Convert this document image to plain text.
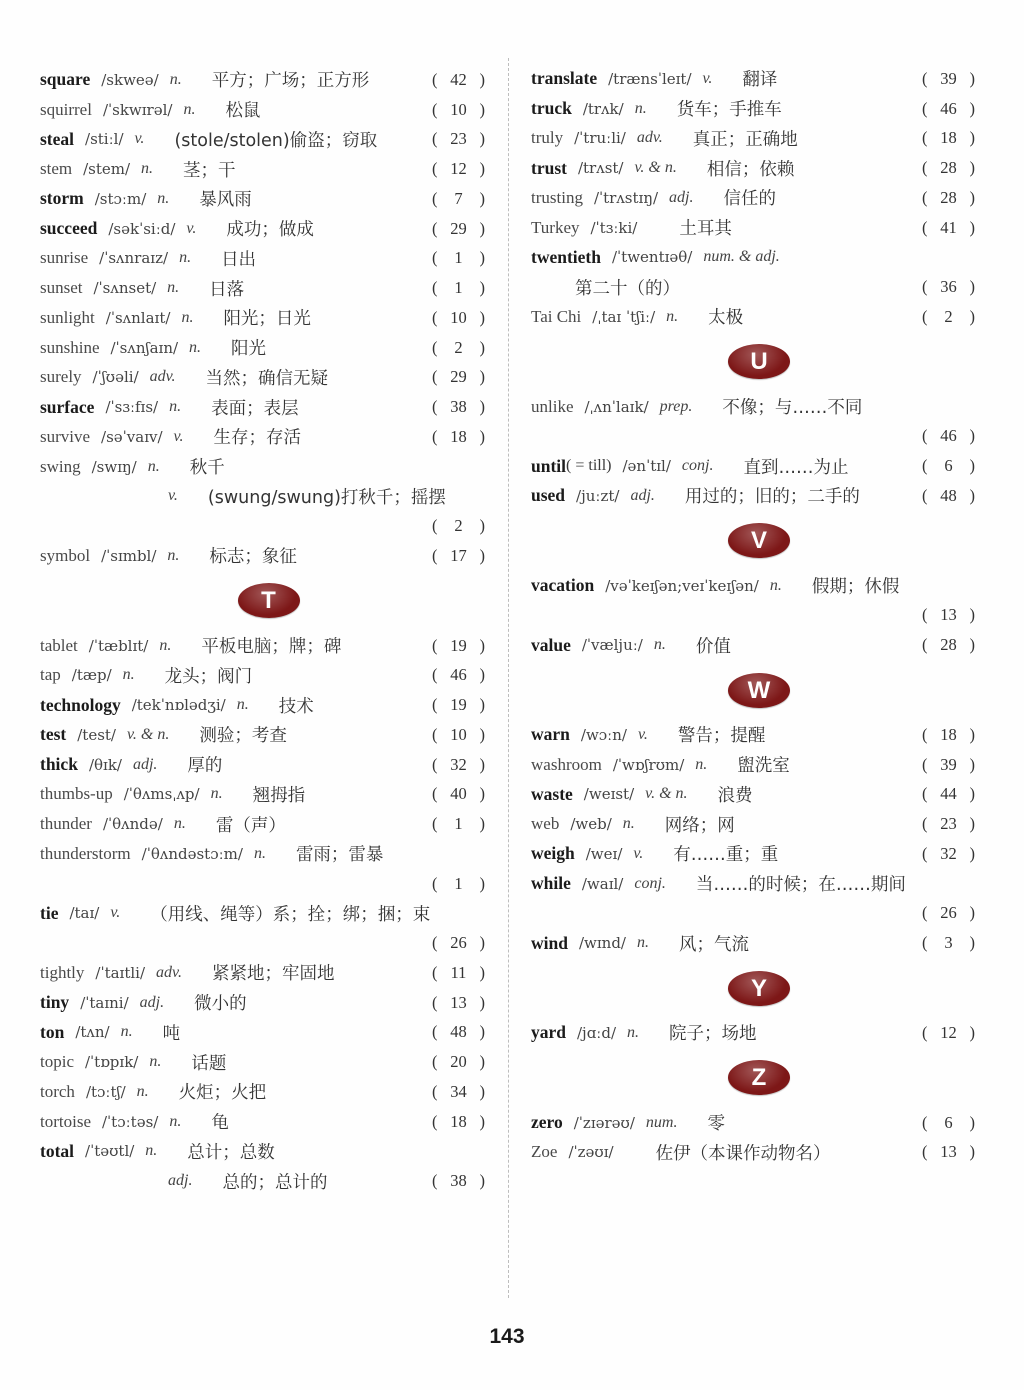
square /skweə/ n. 平方；广场；正方形	( 42 )
squirrel /ˈskwɪrəl/ n. 松鼠	( 10 )
steal /stiːl/ v. (stole/stolen)偷盗；窃取	( 23 )
stem /stem/ n. 茎；干	( 12 )
storm /stɔːm/ n. 暴风雨	( 7 )
succeed /səkˈsiːd/ v. 成功；做成	( 29 )
sunrise /ˈsʌnraɪz/ n. 日出	( 1 )
sunset /ˈsʌnset/ n. 日落	( 1 )
sunlight /ˈsʌnlaɪt/ n. 阳光；日光	( 10 )
sunshine /ˈsʌnʃaɪn/ n. 阳光	( 2 )
surely /ˈʃʊəli/ adv. 当然；确信无疑	( 29 )
surface /ˈsɜːfɪs/ n. 表面；表层	( 38 )
survive /səˈvaɪv/ v. 生存；存活	( 18 )
swing /swɪŋ/ n. 秋千
v. (swung/swung)打秋千；摇摆
( 2 )
symbol /ˈsɪmbl/ n. 标志；象征	( 17 )
T
tablet /ˈtæblɪt/ n. 平板电脑；牌；碑	( 19 )
tap /tæp/ n. 龙头；阀门	( 46 )
technology /tekˈnɒlədʒi/ n. 技术	( 19 )
test /test/ v. & n. 测验；考查	( 10 )
thick /θɪk/ adj. 厚的	( 32 )
thumbs-up /ˈθʌmsˌʌp/ n. 翘拇指	( 40 )
thunder /ˈθʌndə/ n. 雷（声）	( 1 )
thunderstorm /ˈθʌndəstɔːm/ n. 雷雨；雷暴
( 1 )
tie /taɪ/ v. （用线、绳等）系；拴；绑；捆；束
( 26 )
tightly /ˈtaɪtli/ adv. 紧紧地；牢固地	( 11 )
tiny /ˈtaɪni/ adj. 微小的	( 13 )
ton /tʌn/ n. 吨	( 48 )
topic /ˈtɒpɪk/ n. 话题	( 20 )
torch /tɔːtʃ/ n. 火炬；火把	( 34 )
tortoise /ˈtɔːtəs/ n. 龟	( 18 )
total /ˈtəʊtl/ n. 总计；总数
adj. 总的；总计的	( 38 )
translate /trænsˈleɪt/ v. 翻译	( 39 )
truck /trʌk/ n. 货车；手推车	( 46 )
truly /ˈtruːli/ adv. 真正；正确地	( 18 )
trust /trʌst/ v. & n. 相信；依赖	( 28 )
trusting /ˈtrʌstɪŋ/ adj. 信任的	( 28 )
Turkey /ˈtɜːki/ 土耳其	( 41 )
twentieth /ˈtwentɪəθ/ num. & adj.
第二十（的）	( 36 )
Tai Chi /ˌtaɪ ˈtʃiː/ n. 太极	( 2 )
U
unlike /ˌʌnˈlaɪk/ prep. 不像；与……不同
( 46 )
until ( = till) /ənˈtɪl/ conj. 直到……为止	( 6 )
used /juːzt/ adj. 用过的；旧的；二手的	( 48 )
V
vacation /vəˈkeɪʃən;veɪˈkeɪʃən/ n. 假期；休假
( 13 )
value /ˈvæljuː/ n. 价值	( 28 )
W
warn /wɔːn/ v. 警告；提醒	( 18 )
washroom /ˈwɒʃrʊm/ n. 盥洗室	( 39 )
waste /weɪst/ v. & n. 浪费	( 44 )
web /web/ n. 网络；网	( 23 )
weigh /weɪ/ v. 有……重；重	( 32 )
while /waɪl/ conj. 当……的时候；在……期间
( 26 )
wind /wɪnd/ n. 风；气流	( 3 )
Y
yard /jɑːd/ n. 院子；场地	( 12 )
Z
zero /ˈzɪərəʊ/ num. 零	( 6 )
Zoe /ˈzəʊɪ/ 佐伊（本课作动物名）	( 13 )
143
